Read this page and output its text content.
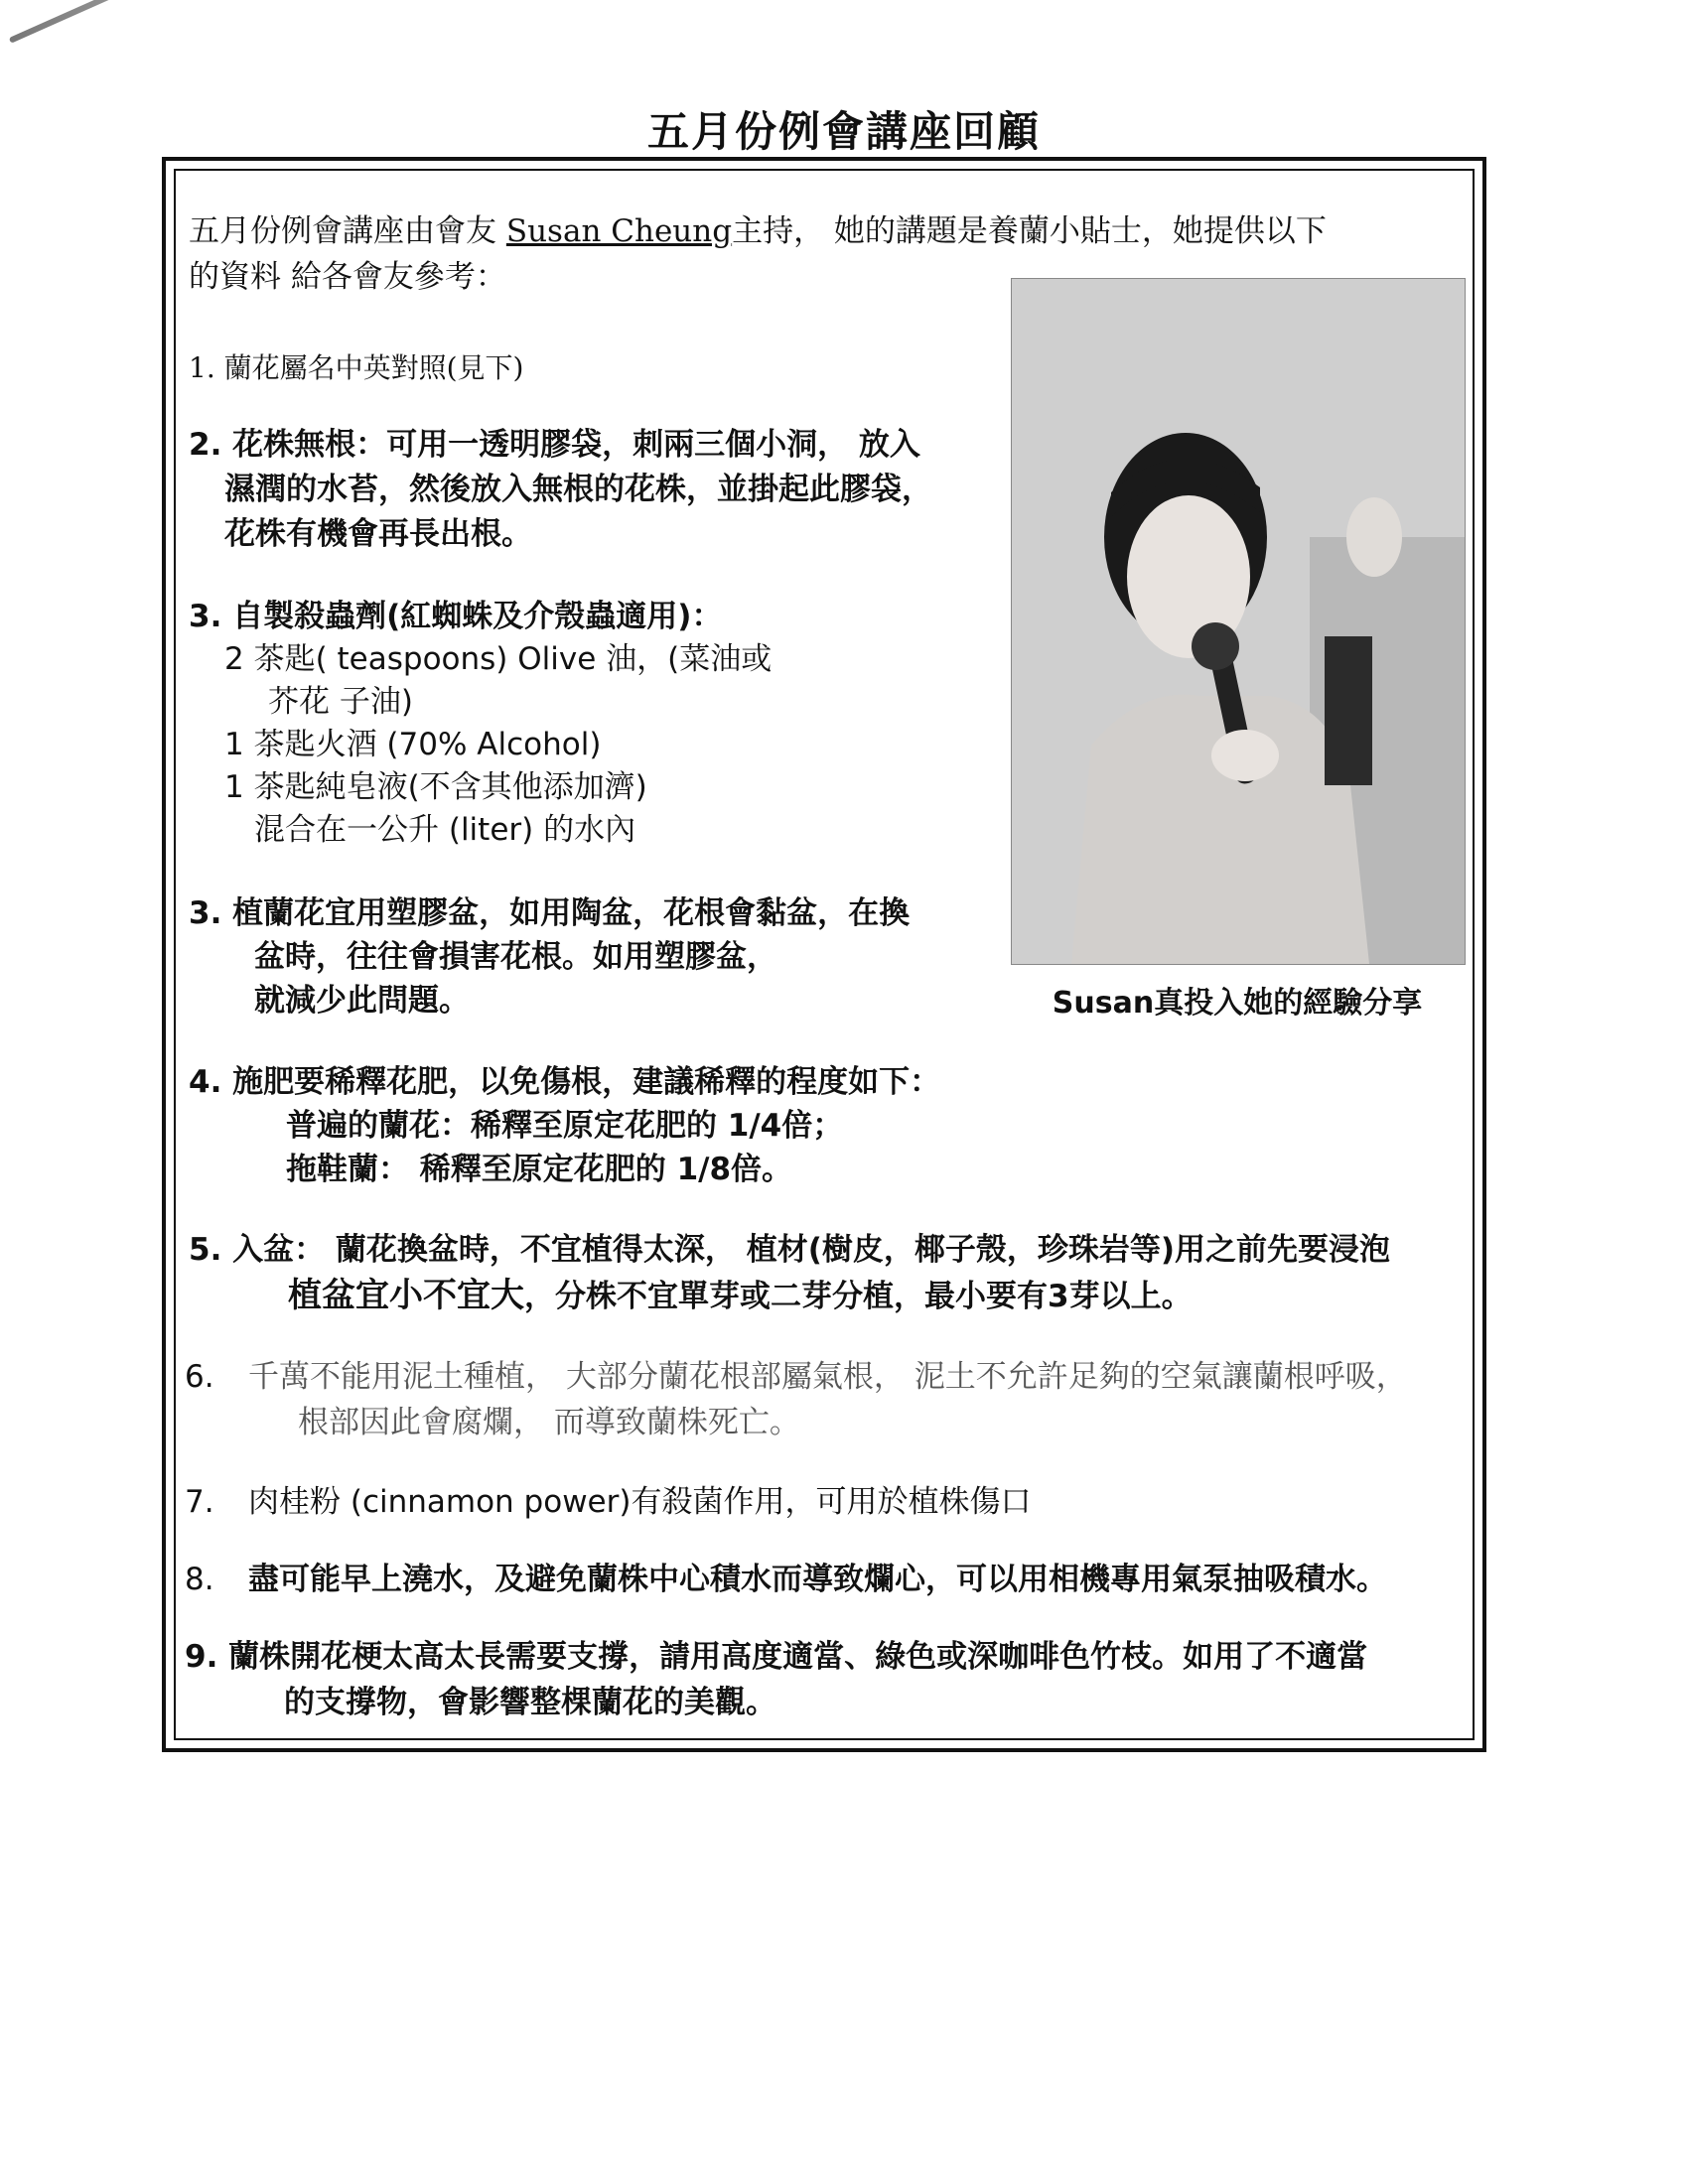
五月份例會講座回顧
五月份例會講座由會友 Susan Cheung主持， 她的講題是養蘭小貼士，她提供以下
的資料 給各會友參考：
Susan真投入她的經驗分享
1. 蘭花屬名中英對照(見下)
2. 花株無根：可用一透明膠袋，刺兩三個小洞， 放入
濕潤的水苔，然後放入無根的花株，並掛起此膠袋，
花株有機會再長出根。
3. 自製殺蟲劑(紅蜘蛛及介殼蟲適用)：
2 茶匙( teaspoons) Olive 油，(菜油或
芥花 子油)
1 茶匙火酒 (70% Alcohol)
1 茶匙純皂液(不含其他添加濟)
混合在一公升 (liter) 的水內
3. 植蘭花宜用塑膠盆，如用陶盆，花根會黏盆，在換
盆時，往往會損害花根。如用塑膠盆，
就減少此問題。
4. 施肥要稀釋花肥，以免傷根，建議稀釋的程度如下：
普遍的蘭花：稀釋至原定花肥的 1/4倍；
拖鞋蘭： 稀釋至原定花肥的 1/8倍。
5. 入盆： 蘭花換盆時，不宜植得太深， 植材(樹皮，椰子殼，珍珠岩等)用之前先要浸泡
植盆宜小不宜大，分株不宜單芽或二芽分植，最小要有3芽以上。
6. 千萬不能用泥土種植， 大部分蘭花根部屬氣根， 泥土不允許足夠的空氣讓蘭根呼吸，
根部因此會腐爛， 而導致蘭株死亡。
7. 肉桂粉 (cinnamon power)有殺菌作用，可用於植株傷口
8. 盡可能早上澆水，及避免蘭株中心積水而導致爛心，可以用相機專用氣泵抽吸積水。
9. 蘭株開花梗太高太長需要支撐，請用高度適當、綠色或深咖啡色竹枝。如用了不適當
的支撐物，會影響整棵蘭花的美觀。
